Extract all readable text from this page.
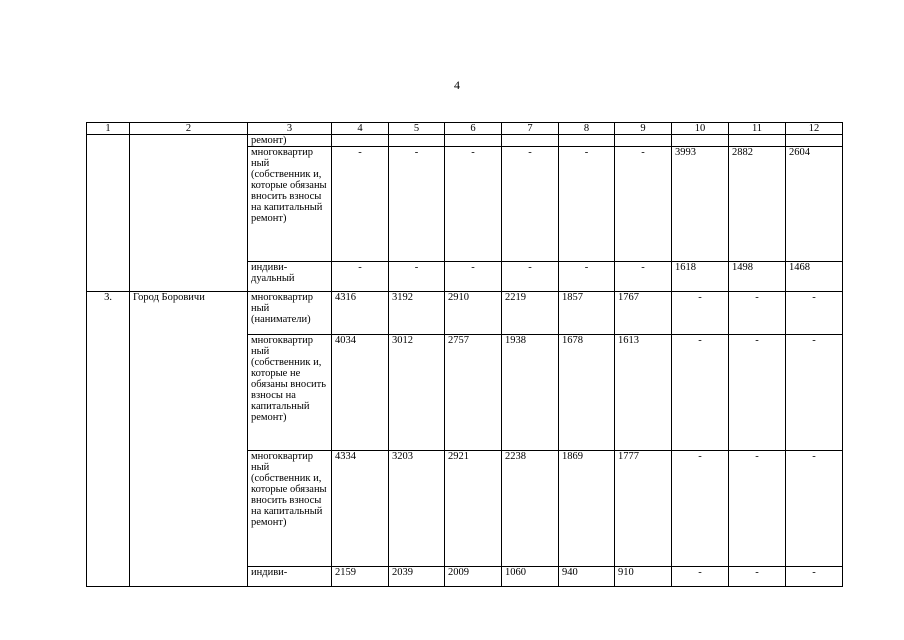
4
1	2	3	4	5	6	7	8	9	10	11	12
		ремонт)									
		многоквартир ный (собственник и, которые обязаны вносить взносы на капитальный ремонт)	-	-	-	-	-	-	3993	2882	2604
		индиви- дуальный	-	-	-	-	-	-	1618	1498	1468
3.	Город Боровичи	многоквартир ный (наниматели)	4316	3192	2910	2219	1857	1767	-	-	-
		многоквартир ный (собственник и, которые не обязаны вносить взносы на капитальный ремонт)	4034	3012	2757	1938	1678	1613	-	-	-
		многоквартир ный (собственник и, которые обязаны вносить взносы на капитальный ремонт)	4334	3203	2921	2238	1869	1777	-	-	-
		индиви-	2159	2039	2009	1060	940	910	-	-	-
